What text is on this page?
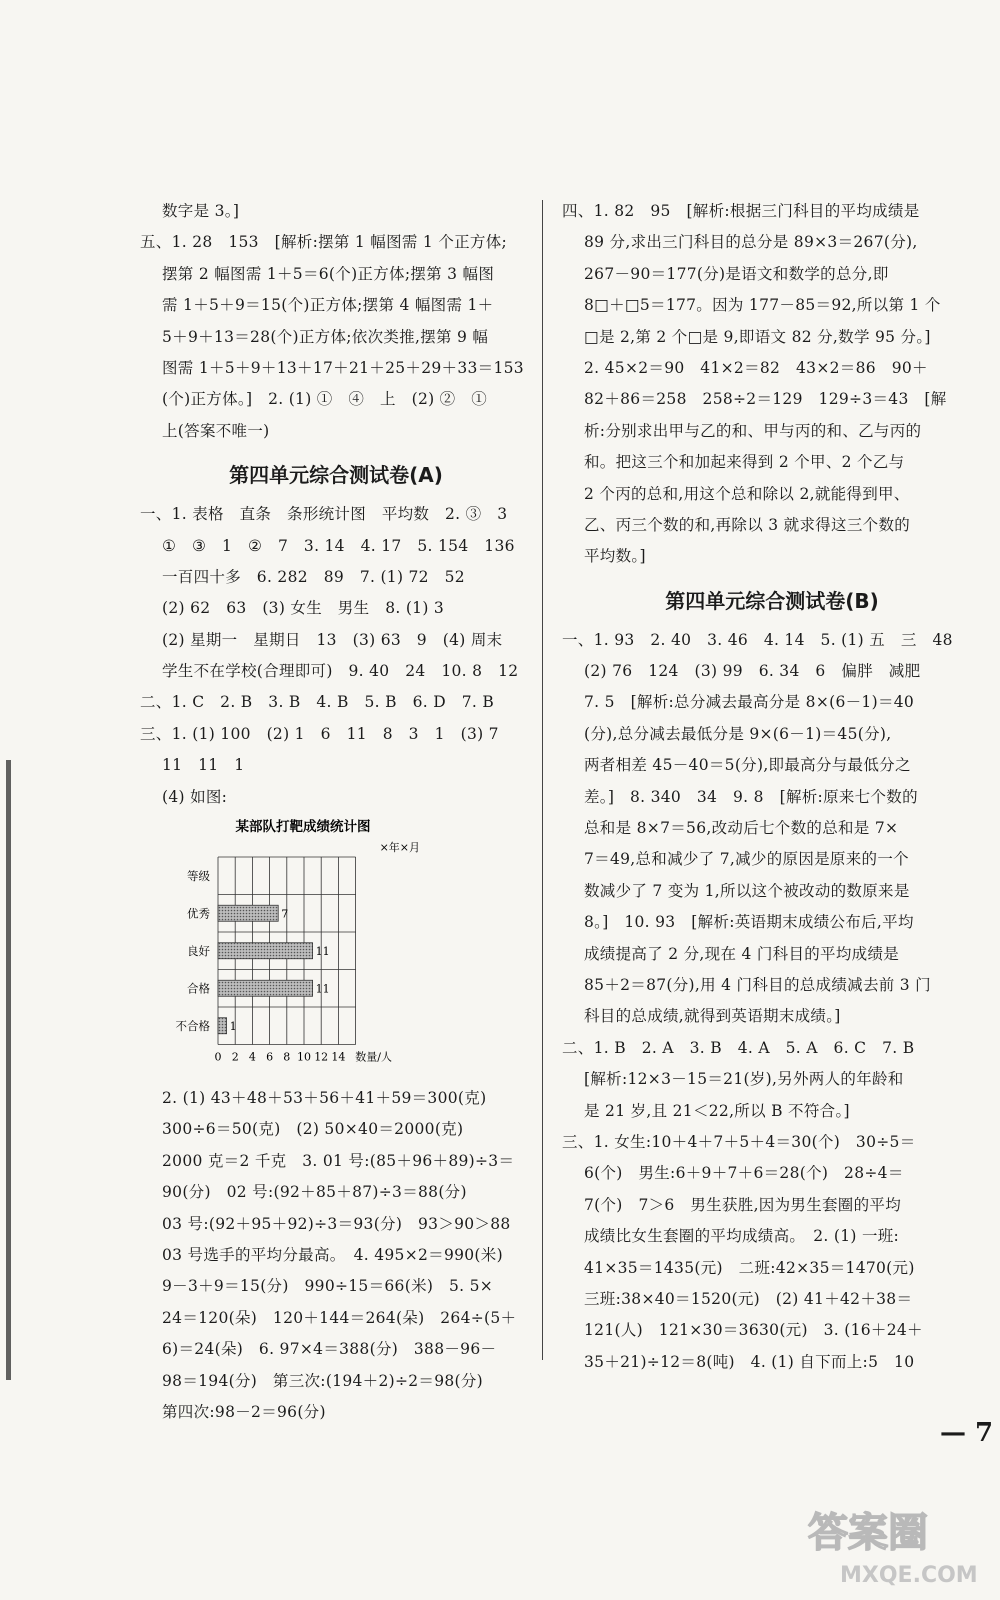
数字是 3。]
五、1. 28　153　[解析:摆第 1 幅图需 1 个正方体;
摆第 2 幅图需 1＋5＝6(个)正方体;摆第 3 幅图
需 1＋5＋9＝15(个)正方体;摆第 4 幅图需 1＋
5＋9＋13＝28(个)正方体;依次类推,摆第 9 幅
图需 1＋5＋9＋13＋17＋21＋25＋29＋33＝153
(个)正方体。]　2. (1) ①　④　上　(2) ②　①
上(答案不唯一)
第四单元综合测试卷(A)
一、1. 表格　直条　条形统计图　平均数　2. ③　3
①　③　1　②　7　3. 14　4. 17　5. 154　136
一百四十多　6. 282　89　7. (1) 72　52
(2) 62　63　(3) 女生　男生　8. (1) 3
(2) 星期一　星期日　13　(3) 63　9　(4) 周末
学生不在学校(合理即可)　9. 40　24　10. 8　12
二、1. C　2. B　3. B　4. B　5. B　6. D　7. B
三、1. (1) 100　(2) 1　6　11　8　3　1　(3) 7
11　11　1
(4) 如图:
某部队打靶成绩统计图
×年×月
等级
优秀	7
良好	11
合格	11
不合格 1
0 2 4 6 8 10 12 14 数量/人
2. (1) 43＋48＋53＋56＋41＋59＝300(克)
300÷6＝50(克)　(2) 50×40＝2000(克)
2000 克＝2 千克　3. 01 号:(85＋96＋89)÷3＝
90(分)　02 号:(92＋85＋87)÷3＝88(分)
03 号:(92＋95＋92)÷3＝93(分)　93＞90＞88
03 号选手的平均分最高。　4. 495×2＝990(米)
9－3＋9＝15(分)　990÷15＝66(米)　5. 5×
24＝120(朵)　120＋144＝264(朵)　264÷(5＋
6)＝24(朵)　6. 97×4＝388(分)　388－96－
98＝194(分)　第三次:(194＋2)÷2＝98(分)
第四次:98－2＝96(分)
四、1. 82　95　[解析:根据三门科目的平均成绩是
89 分,求出三门科目的总分是 89×3＝267(分),
267－90＝177(分)是语文和数学的总分,即
8□＋□5＝177。因为 177－85＝92,所以第 1 个
□是 2,第 2 个□是 9,即语文 82 分,数学 95 分。]
2. 45×2＝90　41×2＝82　43×2＝86　90＋
82＋86＝258　258÷2＝129　129÷3＝43　[解
析:分别求出甲与乙的和、甲与丙的和、乙与丙的
和。把这三个和加起来得到 2 个甲、2 个乙与
2 个丙的总和,用这个总和除以 2,就能得到甲、
乙、丙三个数的和,再除以 3 就求得这三个数的
平均数。]
第四单元综合测试卷(B)
一、1. 93　2. 40　3. 46　4. 14　5. (1) 五　三　48
(2) 76　124　(3) 99　6. 34　6　偏胖　减肥
7. 5　[解析:总分减去最高分是 8×(6－1)＝40
(分),总分减去最低分是 9×(6－1)＝45(分),
两者相差 45－40＝5(分),即最高分与最低分之
差。]　8. 340　34　9. 8　[解析:原来七个数的
总和是 8×7＝56,改动后七个数的总和是 7×
7＝49,总和减少了 7,减少的原因是原来的一个
数减少了 7 变为 1,所以这个被改动的数原来是
8。]　10. 93　[解析:英语期末成绩公布后,平均
成绩提高了 2 分,现在 4 门科目的平均成绩是
85＋2＝87(分),用 4 门科目的总成绩减去前 3 门
科目的总成绩,就得到英语期末成绩。]
二、1. B　2. A　3. B　4. A　5. A　6. C　7. B
[解析:12×3－15＝21(岁),另外两人的年龄和
是 21 岁,且 21＜22,所以 B 不符合。]
三、1. 女生:10＋4＋7＋5＋4＝30(个)　30÷5＝
6(个)　男生:6＋9＋7＋6＝28(个)　28÷4＝
7(个)　7＞6　男生获胜,因为男生套圈的平均
成绩比女生套圈的平均成绩高。　2. (1) 一班:
41×35＝1435(元)　二班:42×35＝1470(元)
三班:38×40＝1520(元)　(2) 41＋42＋38＝
121(人)　121×30＝3630(元)　3. (16＋24＋
35＋21)÷12＝8(吨)　4. (1) 自下而上:5　10
— 7
答案圈
MXQE.COM
